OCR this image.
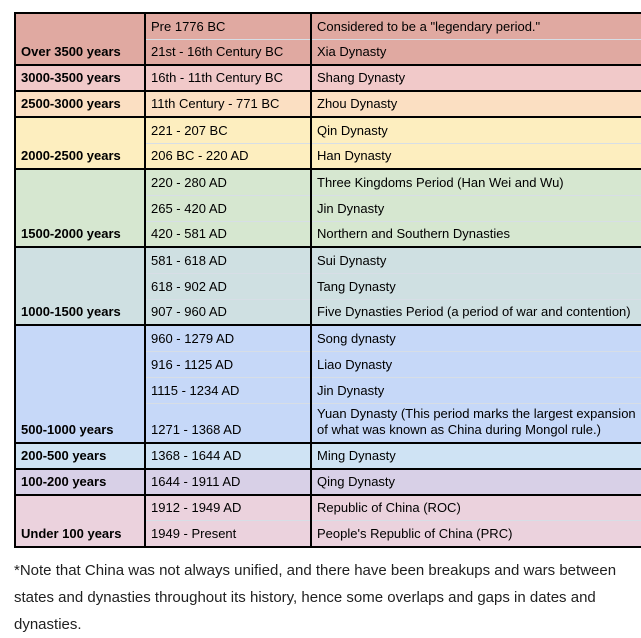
Over 3500 years	Pre 1776 BC	Considered to be a "legendary period."
	21st - 16th Century BC	Xia Dynasty
3000-3500 years	16th - 11th Century BC	Shang Dynasty
2500-3000 years	11th Century - 771 BC	Zhou Dynasty
2000-2500 years	221 - 207 BC	Qin Dynasty
	206 BC - 220 AD	Han Dynasty
1500-2000 years	220 - 280 AD	Three Kingdoms Period (Han Wei and Wu)
	265 - 420 AD	Jin Dynasty
	420 - 581 AD	Northern and Southern Dynasties
1000-1500 years	581 - 618 AD	Sui Dynasty
	618 - 902 AD	Tang Dynasty
	907 - 960 AD	Five Dynasties Period (a period of war and contention)
500-1000 years	960 - 1279 AD	Song dynasty
	916 - 1125 AD	Liao Dynasty
	1115 - 1234 AD	Jin Dynasty
	1271 - 1368 AD	Yuan Dynasty (This period marks the largest expansion of what was known as China during Mongol rule.)
200-500 years	1368 - 1644 AD	Ming Dynasty
100-200 years	1644 - 1911 AD	Qing Dynasty
Under 100 years	1912 - 1949 AD	Republic of China (ROC)
	1949 - Present	People's Republic of China (PRC)

*Note that China was not always unified, and there have been breakups and wars between states and dynasties throughout its history, hence some overlaps and gaps in dates and dynasties.
